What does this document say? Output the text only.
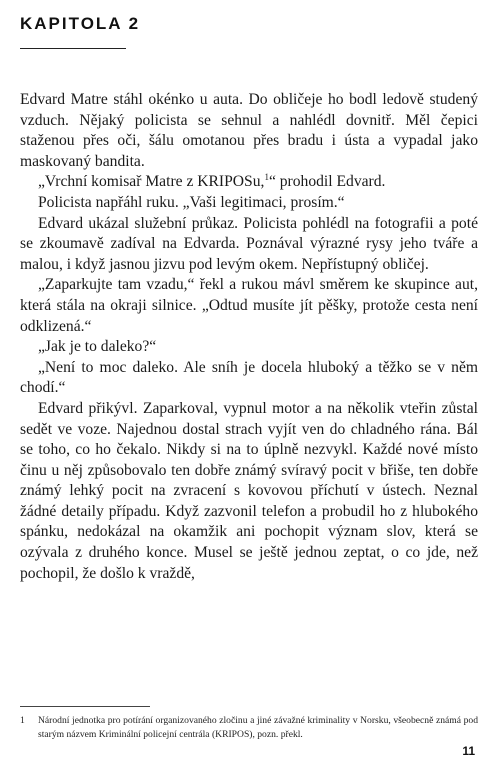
KAPITOLA 2

Edvard Matre stáhl okénko u auta. Do obličeje ho bodl ledově studený vzduch. Nějaký policista se sehnul a nahlédl dovnitř. Měl čepici staženou přes oči, šálu omotanou přes bradu i ústa a vypadal jako maskovaný bandita.

„Vrchní komisař Matre z KRIPOSu,$^1$“ prohodil Edvard.

Policista napřáhl ruku. „Vaši legitimaci, prosím.“

Edvard ukázal služební průkaz. Policista pohlédl na fotografii a poté se zkoumavě zadíval na Edvarda. Poznával výrazné rysy jeho tváře a malou, i když jasnou jizvu pod levým okem. Nepřístupný obličej.

„Zaparkujte tam vzadu,“ řekl a rukou mávl směrem ke skupince aut, která stála na okraji silnice. „Odtud musíte jít pěšky, protože cesta není odklizená.“

„Jak je to daleko?“

„Není to moc daleko. Ale sníh je docela hluboký a těžko se v něm chodí.“

Edvard přikývl. Zaparkoval, vypnul motor a na několik vteřin zůstal sedět ve voze. Najednou dostal strach vyjít ven do chladného rána. Bál se toho, co ho čekalo. Nikdy si na to úplně nezvykl. Každé nové místo činu u něj způsobovalo ten dobře známý svíravý pocit v břiše, ten dobře známý lehký pocit na zvracení s kovovou příchutí v ústech. Neznal žádné detaily případu. Když zazvonil telefon a probudil ho z hlubokého spánku, nedokázal na okamžik ani pochopit význam slov, která se ozývala z druhého konce. Musel se ještě jednou zeptat, o co jde, než pochopil, že došlo k vraždě,

1 Národní jednotka pro potírání organizovaného zločinu a jiné závažné kriminality v Norsku, všeobecně známá pod starým názvem Kriminální policejní centrála (KRIPOS), pozn. překl.
11
